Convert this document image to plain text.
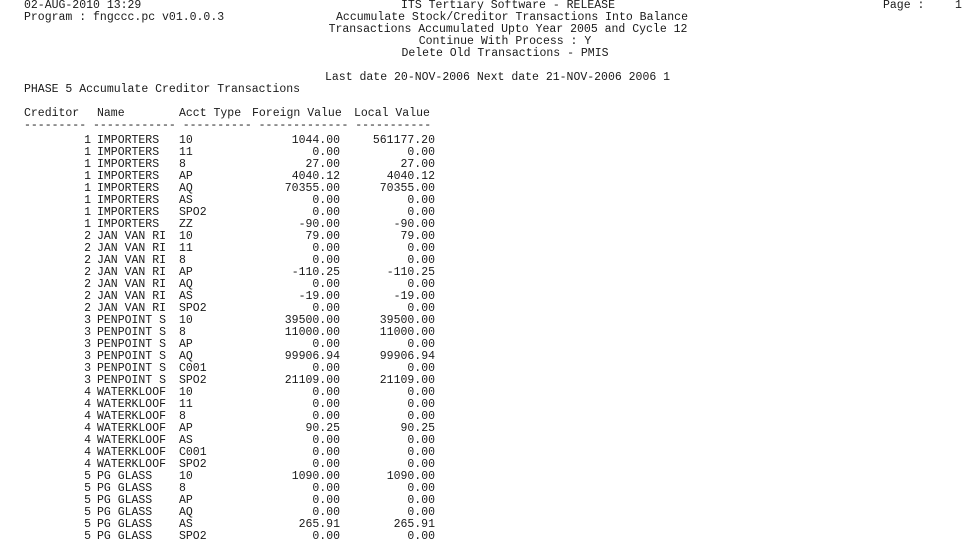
02-AUG-2010 13:29
Program : fngccc.pc v01.0.0.3
ITS Tertiary Software - RELEASE	Page :	1
Accumulate Stock/Creditor Transactions Into Balance
Transactions Accumulated Upto Year 2005 and Cycle 12
Continue With Process : Y
Delete Old Transactions - PMIS
Last date 20-NOV-2006 Next date 21-NOV-2006 2006 1
PHASE 5 Accumulate Creditor Transactions
Creditor Name	Acct Type Foreign Value Local Value
--------- ------------ ---------- ------------- -----------
1 IMPORTERS 10	1044.00	561177.20
1 IMPORTERS 11	0.00	0.00
1 IMPORTERS 8	27.00	27.00
1 IMPORTERS AP	4040.12	4040.12
1 IMPORTERS AQ	70355.00	70355.00
1 IMPORTERS AS	0.00	0.00
1 IMPORTERS SPO2	0.00	0.00
1 IMPORTERS ZZ	-90.00	-90.00
2 JAN VAN RI 10	79.00	79.00
2 JAN VAN RI 11	0.00	0.00
2 JAN VAN RI 8	0.00	0.00
2 JAN VAN RI AP	-110.25	-110.25
2 JAN VAN RI AQ	0.00	0.00
2 JAN VAN RI AS	-19.00	-19.00
2 JAN VAN RI SPO2	0.00	0.00
3 PENPOINT S 10	39500.00	39500.00
3 PENPOINT S 8	11000.00	11000.00
3 PENPOINT S AP	0.00	0.00
3 PENPOINT S AQ	99906.94	99906.94
3 PENPOINT S C001	0.00	0.00
3 PENPOINT S SPO2	21109.00	21109.00
4 WATERKLOOF 10	0.00	0.00
4 WATERKLOOF 11	0.00	0.00
4 WATERKLOOF 8	0.00	0.00
4 WATERKLOOF AP	90.25	90.25
4 WATERKLOOF AS	0.00	0.00
4 WATERKLOOF C001	0.00	0.00
4 WATERKLOOF SPO2	0.00	0.00
5 PG GLASS 10	1090.00	1090.00
5 PG GLASS 8	0.00	0.00
5 PG GLASS AP	0.00	0.00
5 PG GLASS AQ	0.00	0.00
5 PG GLASS AS	265.91	265.91
5 PG GLASS SPO2	0.00	0.00
